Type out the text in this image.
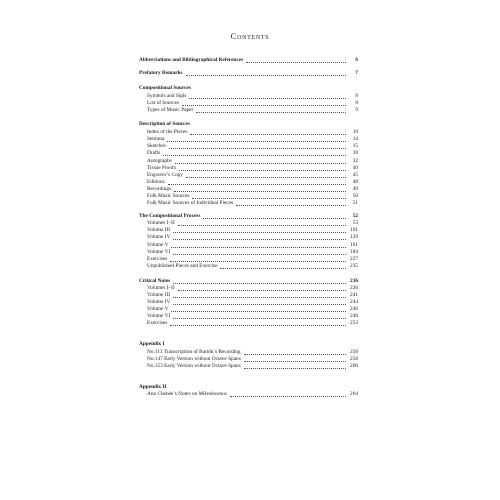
Contents
Abbreviations and Bibliographical References	6
Prefatory Remarks	7
Compositional Sources
Symbols and Sigls	8
List of Sources	8
Types of Music Paper	9
Description of Sources
Index of the Pieces	10
Stemma	14
Sketches	15
Drafts	18
Autographs	32
Tissue Proofs	40
Engraver’s Copy	45
Editions	48
Recordings	49
Folk Music Sources	50
Folk Music Sources of Individual Pieces	51
The Compositional Process	52
Volumes I–II	53
Volume III	101
Volume IV	129
Volume V	161
Volume VI	184
Exercises	227
Unpublished Pieces and Exercise	235
Critical Notes	236
Volumes I–II	236
Volume III	241
Volume IV	244
Volume V	246
Volume VI	248
Exercises	253
Appendix I
No.113 Transcription of Bartók’s Recording	256
No.147 Early Version without Octave Spans	258
No.153 Early Version without Octave Spans	260
Appendix II
Ann Chenée’s Notes on Mikrokosmos	264
